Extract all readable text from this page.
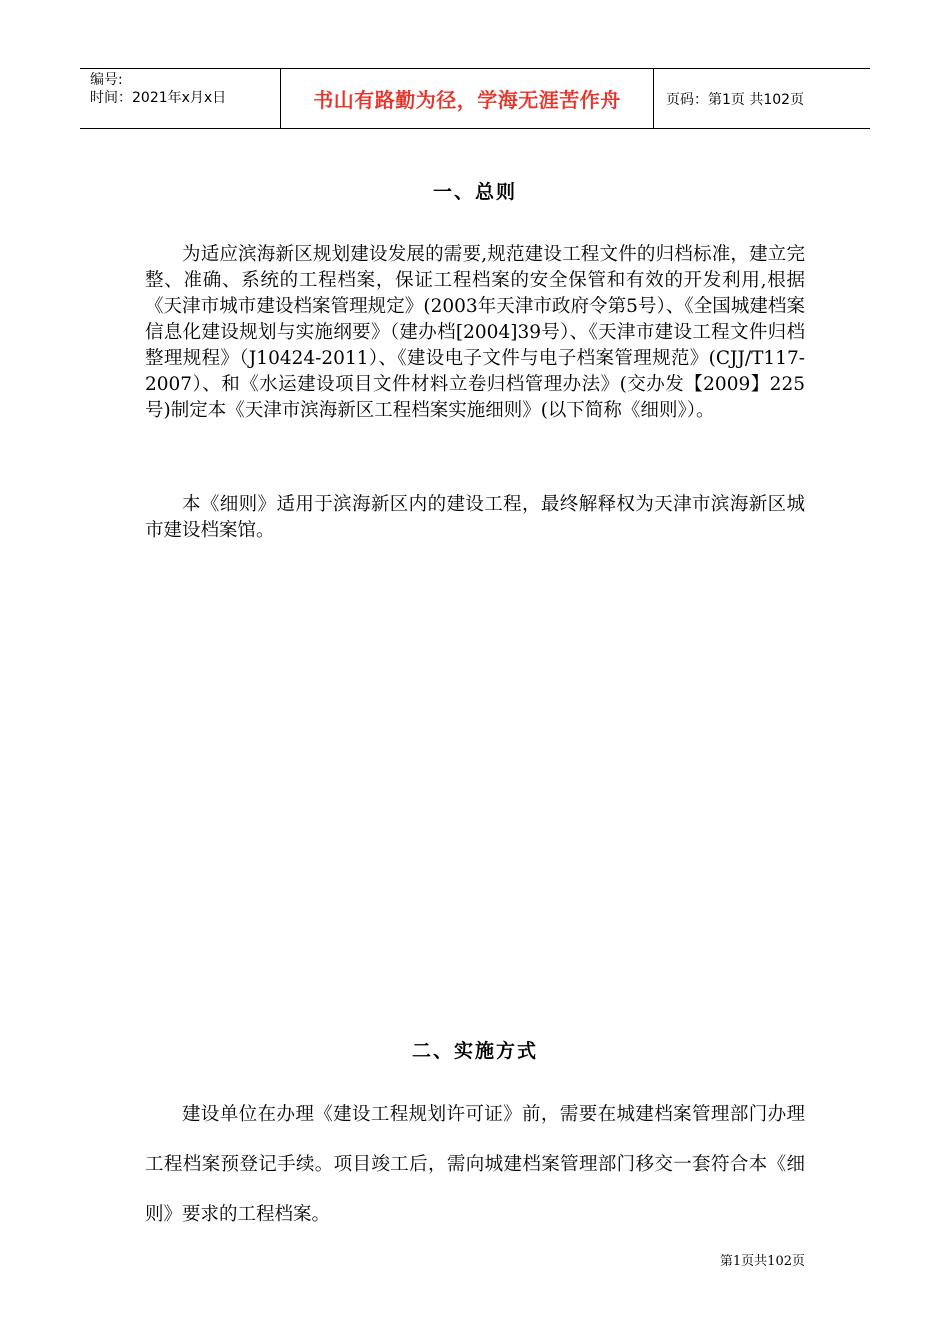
编号:
时间：2021年x月x日	书山有路勤为径，学海无涯苦作舟	页码：第1页 共102页
一、总则

为适应滨海新区规划建设发展的需要,规范建设工程文件的归档标准，建立完整、准确、系统的工程档案，保证工程档案的安全保管和有效的开发利用,根据《天津市城市建设档案管理规定》(2003年天津市政府令第5号）、《全国城建档案信息化建设规划与实施纲要》（建办档[2004]39号）、《天津市建设工程文件归档整理规程》（J10424-2011）、《建设电子文件与电子档案管理规范》(CJJ/T117-2007）、和《水运建设项目文件材料立卷归档管理办法》(交办发【2009】225号)制定本《天津市滨海新区工程档案实施细则》(以下简称《细则》）。

本《细则》适用于滨海新区内的建设工程，最终解释权为天津市滨海新区城市建设档案馆。

二、实施方式

建设单位在办理《建设工程规划许可证》前，需要在城建档案管理部门办理工程档案预登记手续。项目竣工后，需向城建档案管理部门移交一套符合本《细则》要求的工程档案。

第1页共102页
